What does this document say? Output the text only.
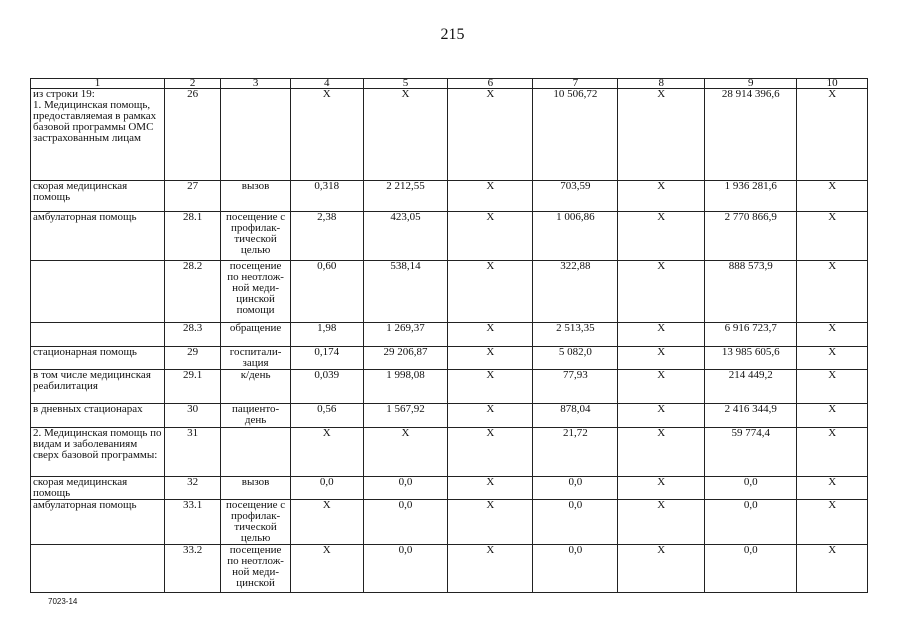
215
1	2	3	4	5	6	7	8	9	10
из строки 19:
1. Медицинская помощь, предоставляемая в рамках базовой программы ОМС застрахованным лицам	26		Х	Х	Х	10 506,72	Х	28 914 396,6	Х
скорая медицинская помощь	27	вызов	0,318	2 212,55	Х	703,59	Х	1 936 281,6	Х
амбулаторная помощь	28.1	посещение с профилак-тической целью	2,38	423,05	Х	1 006,86	Х	2 770 866,9	Х
	28.2	посещение по неотлож-ной меди-цинской помощи	0,60	538,14	Х	322,88	Х	888 573,9	Х
	28.3	обращение	1,98	1 269,37	Х	2 513,35	Х	6 916 723,7	Х
стационарная помощь	29	госпитали-зация	0,174	29 206,87	Х	5 082,0	Х	13 985 605,6	Х
в том числе медицинская реабилитация	29.1	к/день	0,039	1 998,08	Х	77,93	Х	214 449,2	Х
в дневных стационарах	30	пациенто-день	0,56	1 567,92	Х	878,04	Х	2 416 344,9	Х
2. Медицинская помощь по видам и заболеваниям сверх базовой программы:	31		Х	Х	Х	21,72	Х	59 774,4	Х
скорая медицинская помощь	32	вызов	0,0	0,0	Х	0,0	Х	0,0	Х
амбулаторная помощь	33.1	посещение с профилак-тической целью	Х	0,0	Х	0,0	Х	0,0	Х
	33.2	посещение по неотлож-ной меди-цинской	Х	0,0	Х	0,0	Х	0,0	Х
7023-14
